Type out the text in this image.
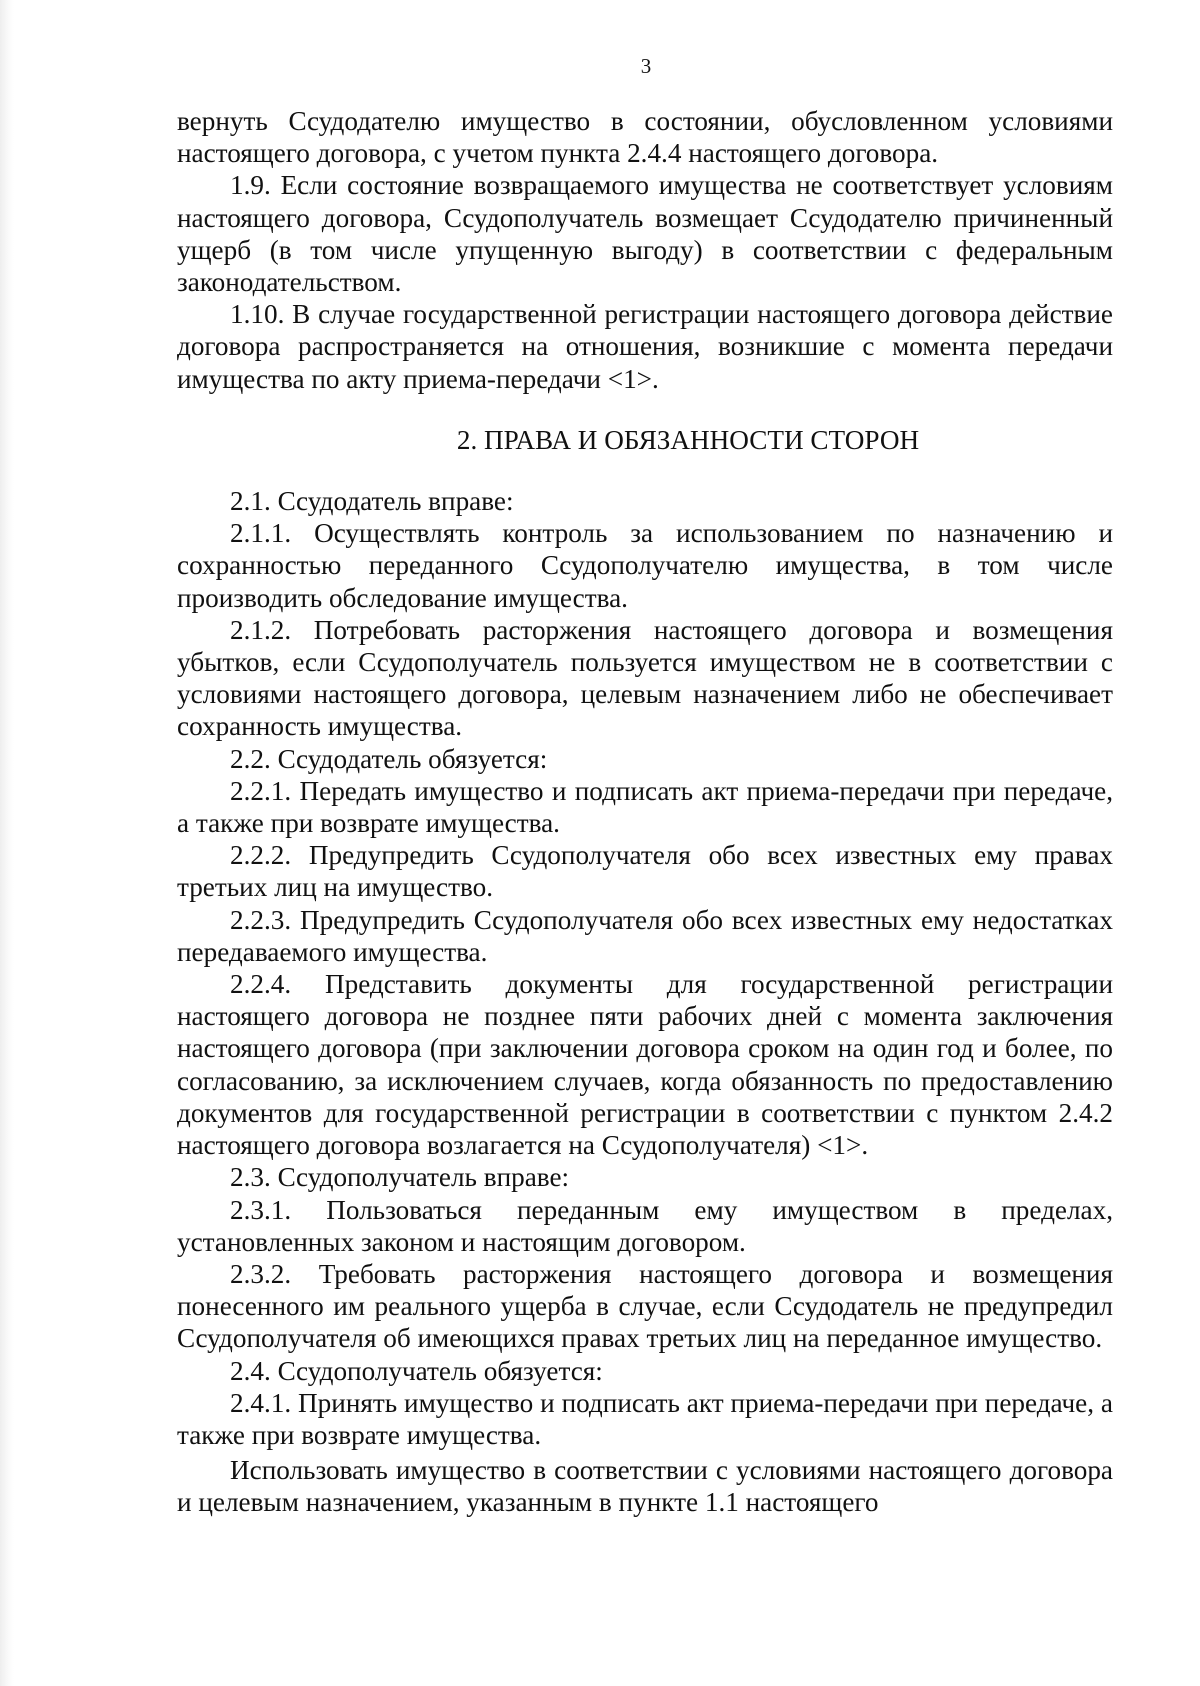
3

вернуть Ссудодателю имущество в состоянии, обусловленном условиями настоящего договора, с учетом пункта 2.4.4 настоящего договора.

1.9. Если состояние возвращаемого имущества не соответствует условиям настоящего договора, Ссудополучатель возмещает Ссудодателю причиненный ущерб (в том числе упущенную выгоду) в соответствии с федеральным законодательством.

1.10. В случае государственной регистрации настоящего договора действие договора распространяется на отношения, возникшие с момента передачи имущества по акту приема-передачи <1>.

2. ПРАВА И ОБЯЗАННОСТИ СТОРОН

2.1. Ссудодатель вправе:

2.1.1. Осуществлять контроль за использованием по назначению и сохранностью переданного Ссудополучателю имущества, в том числе производить обследование имущества.

2.1.2. Потребовать расторжения настоящего договора и возмещения убытков, если Ссудополучатель пользуется имуществом не в соответствии с условиями настоящего договора, целевым назначением либо не обеспечивает сохранность имущества.

2.2. Ссудодатель обязуется:

2.2.1. Передать имущество и подписать акт приема-передачи при передаче, а также при возврате имущества.

2.2.2. Предупредить Ссудополучателя обо всех известных ему правах третьих лиц на имущество.

2.2.3. Предупредить Ссудополучателя обо всех известных ему недостатках передаваемого имущества.

2.2.4. Представить документы для государственной регистрации настоящего договора не позднее пяти рабочих дней с момента заключения настоящего договора (при заключении договора сроком на один год и более, по согласованию, за исключением случаев, когда обязанность по предоставлению документов для государственной регистрации в соответствии с пунктом 2.4.2 настоящего договора возлагается на Ссудополучателя) <1>.

2.3. Ссудополучатель вправе:

2.3.1. Пользоваться переданным ему имуществом в пределах, установленных законом и настоящим договором.

2.3.2. Требовать расторжения настоящего договора и возмещения понесенного им реального ущерба в случае, если Ссудодатель не предупредил Ссудополучателя об имеющихся правах третьих лиц на переданное имущество.

2.4. Ссудополучатель обязуется:

2.4.1. Принять имущество и подписать акт приема-передачи при передаче, а также при возврате имущества.

Использовать имущество в соответствии с условиями настоящего договора и целевым назначением, указанным в пункте 1.1 настоящего
